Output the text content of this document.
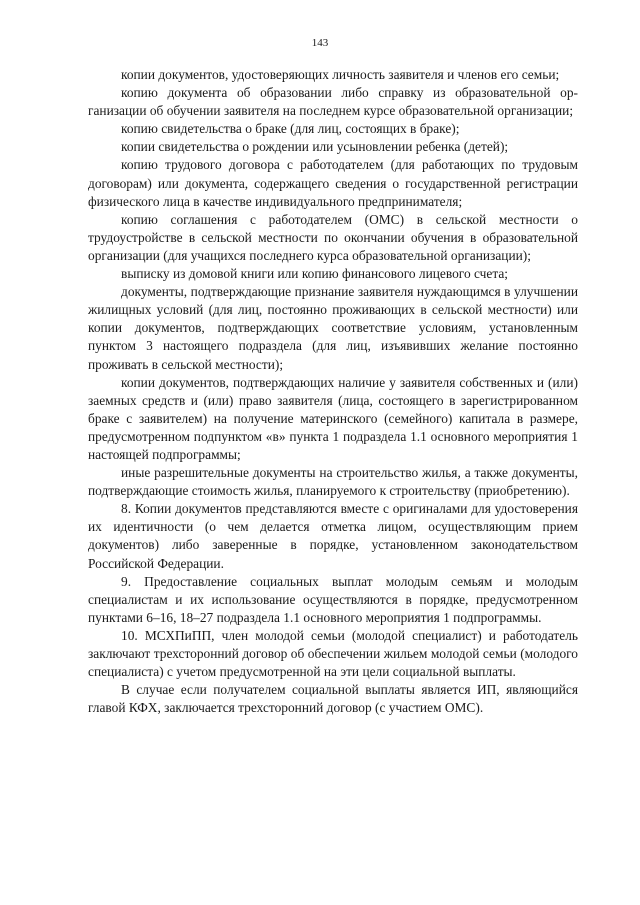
143

копии документов, удостоверяющих личность заявителя и членов его семьи;

копию документа об образовании либо справку из образовательной организации об обучении заявителя на последнем курсе образовательной организации;

копию свидетельства о браке (для лиц, состоящих в браке);

копии свидетельства о рождении или усыновлении ребенка (детей);

копию трудового договора с работодателем (для работающих по трудовым договорам) или документа, содержащего сведения о государственной регистрации физического лица в качестве индивидуального предпринимателя;

копию соглашения с работодателем (ОМС) в сельской местности о трудоустройстве в сельской местности по окончании обучения в образовательной организации (для учащихся последнего курса образовательной организации);

выписку из домовой книги или копию финансового лицевого счета;

документы, подтверждающие признание заявителя нуждающимся в улучшении жилищных условий (для лиц, постоянно проживающих в сельской местности) или копии документов, подтверждающих соответствие условиям, установленным пунктом 3 настоящего подраздела (для лиц, изъявивших желание постоянно проживать в сельской местности);

копии документов, подтверждающих наличие у заявителя собственных и (или) заемных средств и (или) право заявителя (лица, состоящего в зарегистрированном браке с заявителем) на получение материнского (семейного) капитала в размере, предусмотренном подпунктом «в» пункта 1 подраздела 1.1 основного мероприятия 1 настоящей подпрограммы;

иные разрешительные документы на строительство жилья, а также документы, подтверждающие стоимость жилья, планируемого к строительству (приобретению).

8. Копии документов представляются вместе с оригиналами для удостоверения их идентичности (о чем делается отметка лицом, осуществляющим прием документов) либо заверенные в порядке, установленном законодательством Российской Федерации.

9. Предоставление социальных выплат молодым семьям и молодым специалистам и их использование осуществляются в порядке, предусмотренном пунктами 6–16, 18–27 подраздела 1.1 основного мероприятия 1 подпрограммы.

10. МСХПиПП, член молодой семьи (молодой специалист) и работодатель заключают трехсторонний договор об обеспечении жильем молодой семьи (молодого специалиста) с учетом предусмотренной на эти цели социальной выплаты.

В случае если получателем социальной выплаты является ИП, являющийся главой КФХ, заключается трехсторонний договор (с участием ОМС).
